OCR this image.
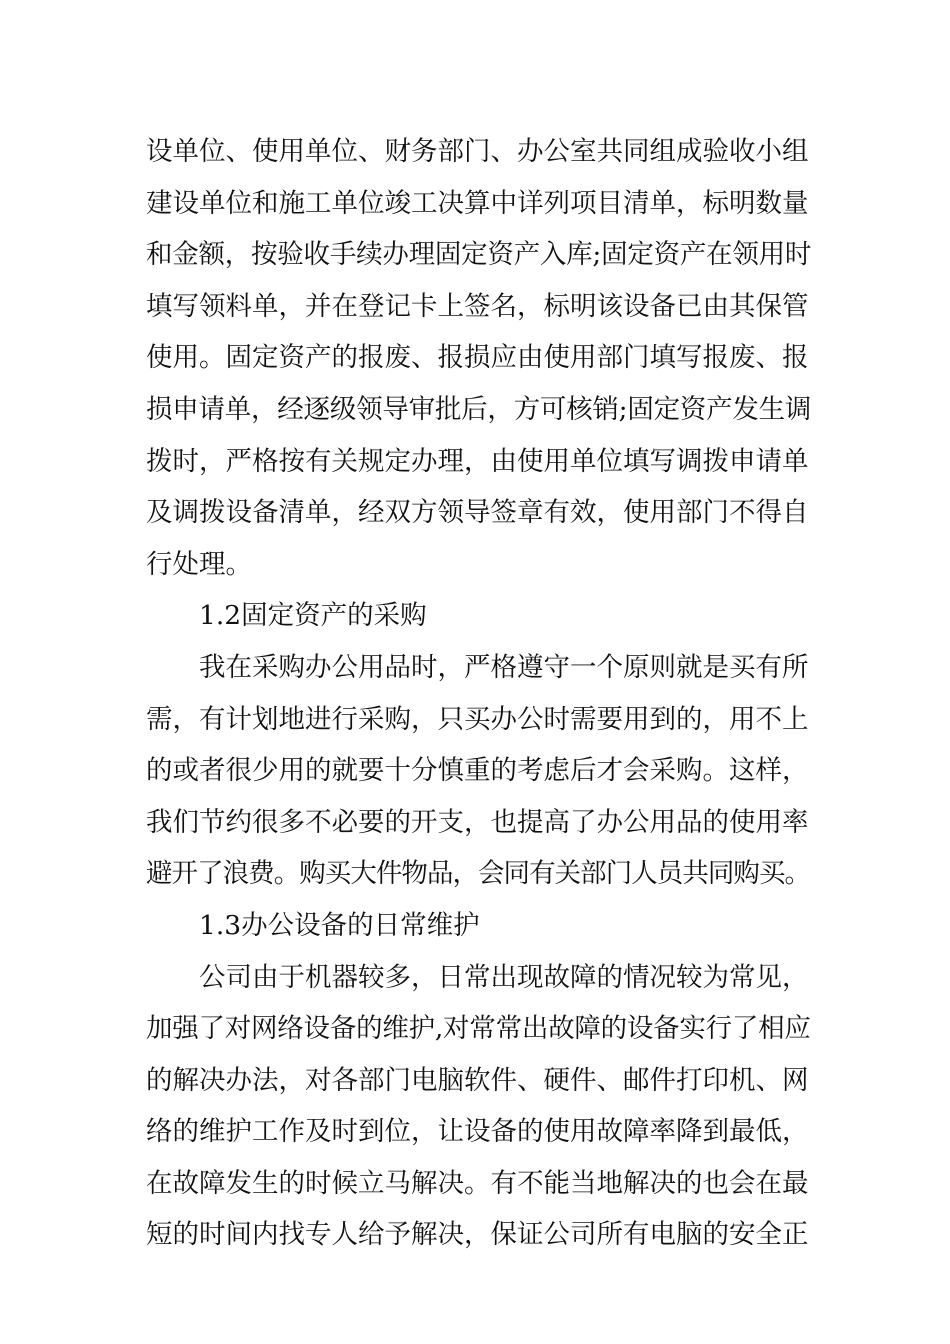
设单位、使用单位、财务部门、办公室共同组成验收小组
建设单位和施工单位竣工决算中详列项目清单，标明数量
和金额，按验收手续办理固定资产入库;固定资产在领用时
填写领料单，并在登记卡上签名，标明该设备已由其保管
使用。固定资产的报废、报损应由使用部门填写报废、报
损申请单，经逐级领导审批后，方可核销;固定资产发生调
拨时，严格按有关规定办理，由使用单位填写调拨申请单
及调拨设备清单，经双方领导签章有效，使用部门不得自
行处理。
1.2固定资产的采购
我在采购办公用品时，严格遵守一个原则就是买有所
需，有计划地进行采购，只买办公时需要用到的，用不上
的或者很少用的就要十分慎重的考虑后才会采购。这样，
我们节约很多不必要的开支，也提高了办公用品的使用率
避开了浪费。购买大件物品，会同有关部门人员共同购买。
1.3办公设备的日常维护
公司由于机器较多，日常出现故障的情况较为常见，
加强了对网络设备的维护,对常常出故障的设备实行了相应
的解决办法，对各部门电脑软件、硬件、邮件打印机、网
络的维护工作及时到位，让设备的使用故障率降到最低，
在故障发生的时候立马解决。有不能当地解决的也会在最
短的时间内找专人给予解决，保证公司所有电脑的安全正
